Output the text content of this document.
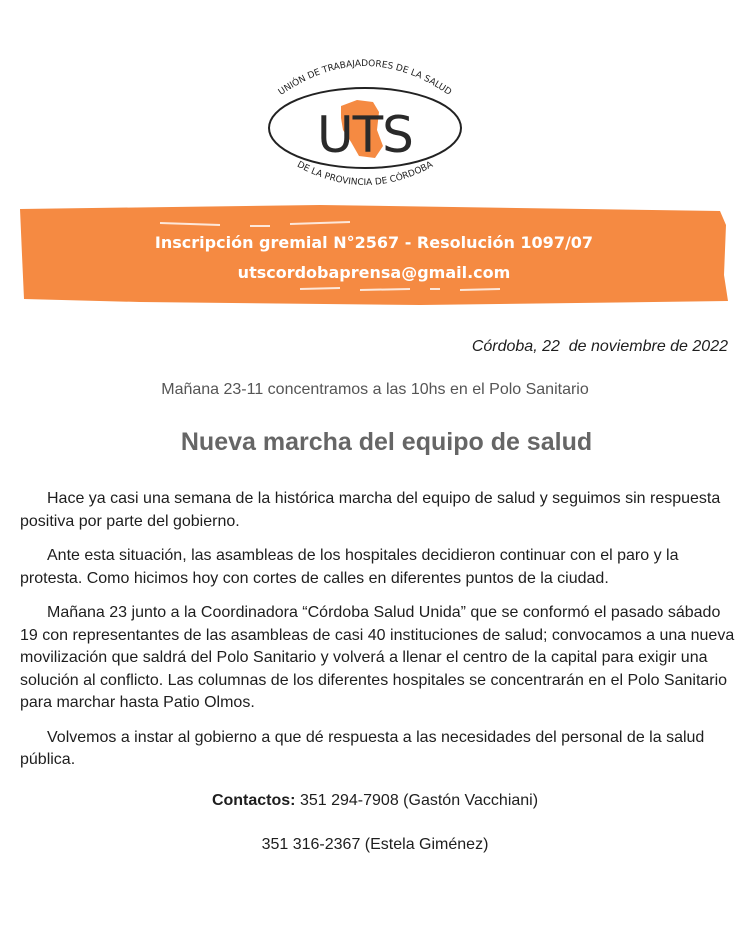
UTS
UNIÓN DE TRABAJADORES DE LA SALUD
DE LA PROVINCIA DE CÓRDOBA
Inscripción gremial N°2567 - Resolución 1097/07
utscordobaprensa@gmail.com
Córdoba, 22  de noviembre de 2022
Mañana 23-11 concentramos a las 10hs en el Polo Sanitario
Nueva marcha del equipo de salud

Hace ya casi una semana de la histórica marcha del equipo de salud y seguimos sin respuesta positiva por parte del gobierno.

Ante esta situación, las asambleas de los hospitales decidieron continuar con el paro y la protesta. Como hicimos hoy con cortes de calles en diferentes puntos de la ciudad.

Mañana 23 junto a la Coordinadora “Córdoba Salud Unida” que se conformó el pasado sábado 19 con representantes de las asambleas de casi 40 instituciones de salud; convocamos a una nueva movilización que saldrá del Polo Sanitario y volverá a llenar el centro de la capital para exigir una solución al conflicto. Las columnas de los diferentes hospitales se concentrarán en el Polo Sanitario para marchar hasta Patio Olmos.

Volvemos a instar al gobierno a que dé respuesta a las necesidades del personal de la salud pública.

Contactos: 351 294-7908 (Gastón Vacchiani)
351 316-2367 (Estela Giménez)
